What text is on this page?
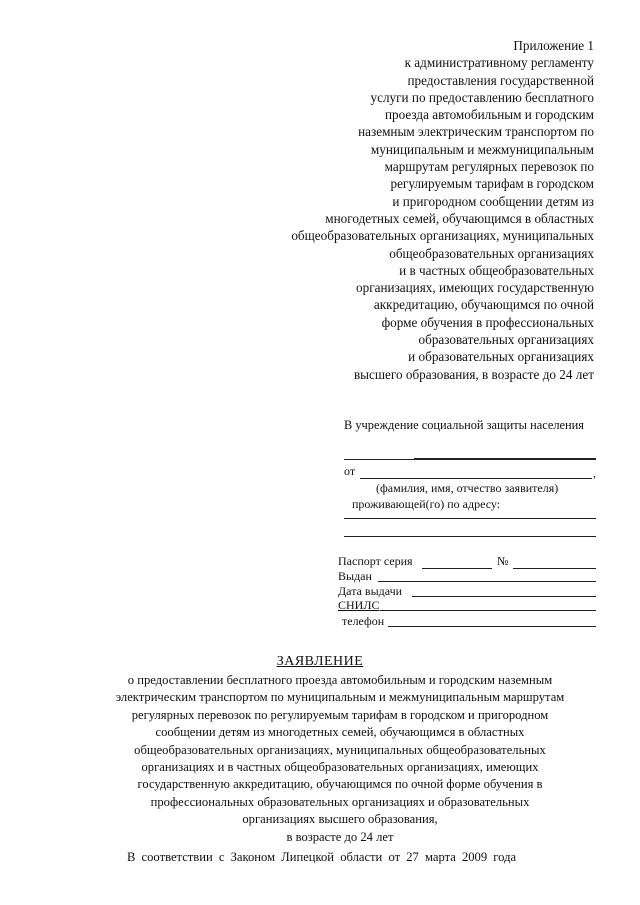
Приложение 1
к административному регламенту
предоставления государственной
услуги по предоставлению бесплатного
проезда автомобильным и городским
наземным электрическим транспортом по
муниципальным и межмуниципальным
маршрутам регулярных перевозок по
регулируемым тарифам в городском
и пригородном сообщении детям из
многодетных семей, обучающимся в областных
общеобразовательных организациях, муниципальных
общеобразовательных организациях
и в частных общеобразовательных
организациях, имеющих государственную
аккредитацию, обучающимся по очной
форме обучения в профессиональных
образовательных организациях
и образовательных организациях
высшего образования, в возрасте до 24 лет
В учреждение социальной защиты населения
от	,
(фамилия, имя, отчество заявителя)
проживающей(го) по адресу:
Паспорт серия	№
Выдан
Дата выдачи
СНИЛС
телефон
ЗАЯВЛЕНИЕ
о предоставлении бесплатного проезда автомобильным и городским наземным
электрическим транспортом по муниципальным и межмуниципальным маршрутам
регулярных перевозок по регулируемым тарифам в городском и пригородном
сообщении детям из многодетных семей, обучающимся в областных
общеобразовательных организациях, муниципальных общеобразовательных
организациях и в частных общеобразовательных организациях, имеющих
государственную аккредитацию, обучающимся по очной форме обучения в
профессиональных образовательных организациях и образовательных
организациях высшего образования,
в возрасте до 24 лет
В соответствии с Законом Липецкой области от 27 марта 2009 года
